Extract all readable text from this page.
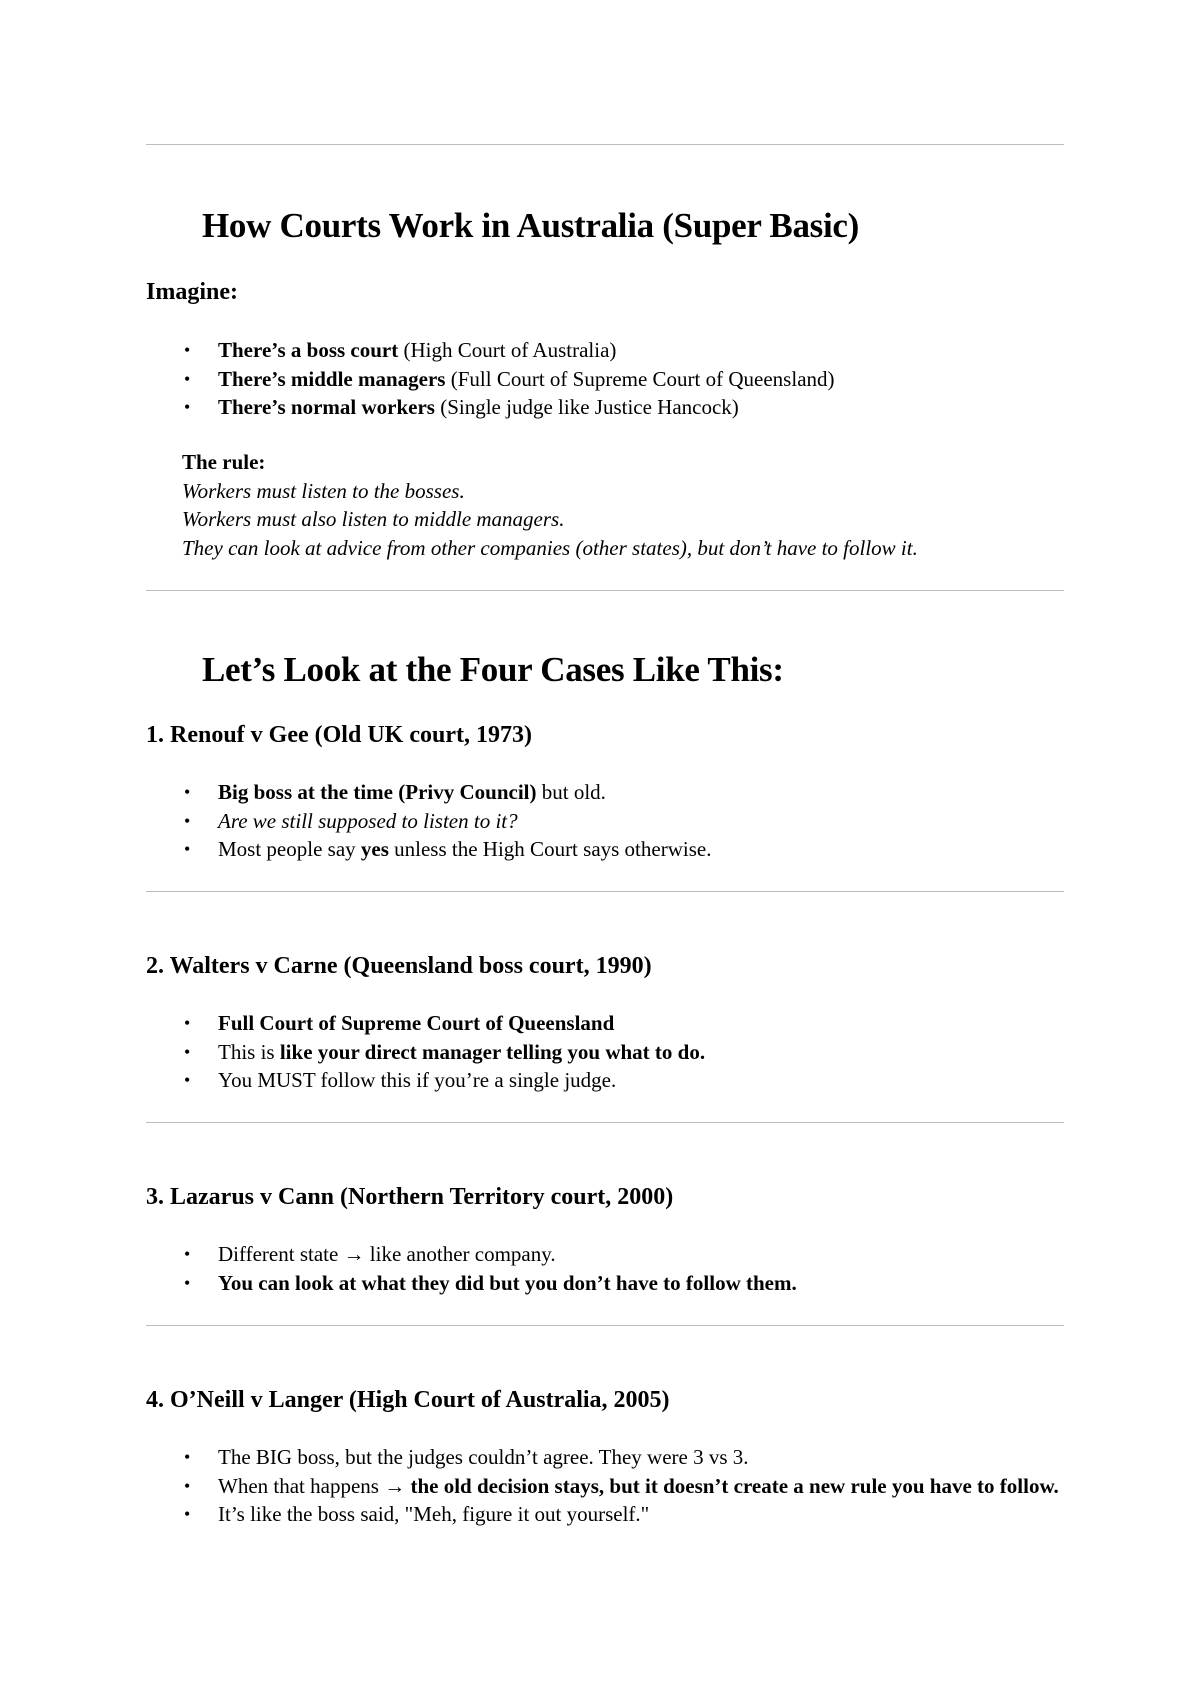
How Courts Work in Australia (Super Basic)

Imagine:

• There’s a boss court (High Court of Australia)
• There’s middle managers (Full Court of Supreme Court of Queensland)
• There’s normal workers (Single judge like Justice Hancock)
The rule:
Workers must listen to the bosses.
Workers must also listen to middle managers.
They can look at advice from other companies (other states), but don’t have to follow it.
Let’s Look at the Four Cases Like This:
1. Renouf v Gee (Old UK court, 1973)
• Big boss at the time (Privy Council) but old.
• Are we still supposed to listen to it?
• Most people say yes unless the High Court says otherwise.
2. Walters v Carne (Queensland boss court, 1990)
• Full Court of Supreme Court of Queensland
• This is like your direct manager telling you what to do.
• You MUST follow this if you’re a single judge.
3. Lazarus v Cann (Northern Territory court, 2000)
• Different state → like another company.
• You can look at what they did but you don’t have to follow them.
4. O’Neill v Langer (High Court of Australia, 2005)
• The BIG boss, but the judges couldn’t agree. They were 3 vs 3.
• When that happens → the old decision stays, but it doesn’t create a new rule you have to follow.
• It’s like the boss said, "Meh, figure it out yourself."
